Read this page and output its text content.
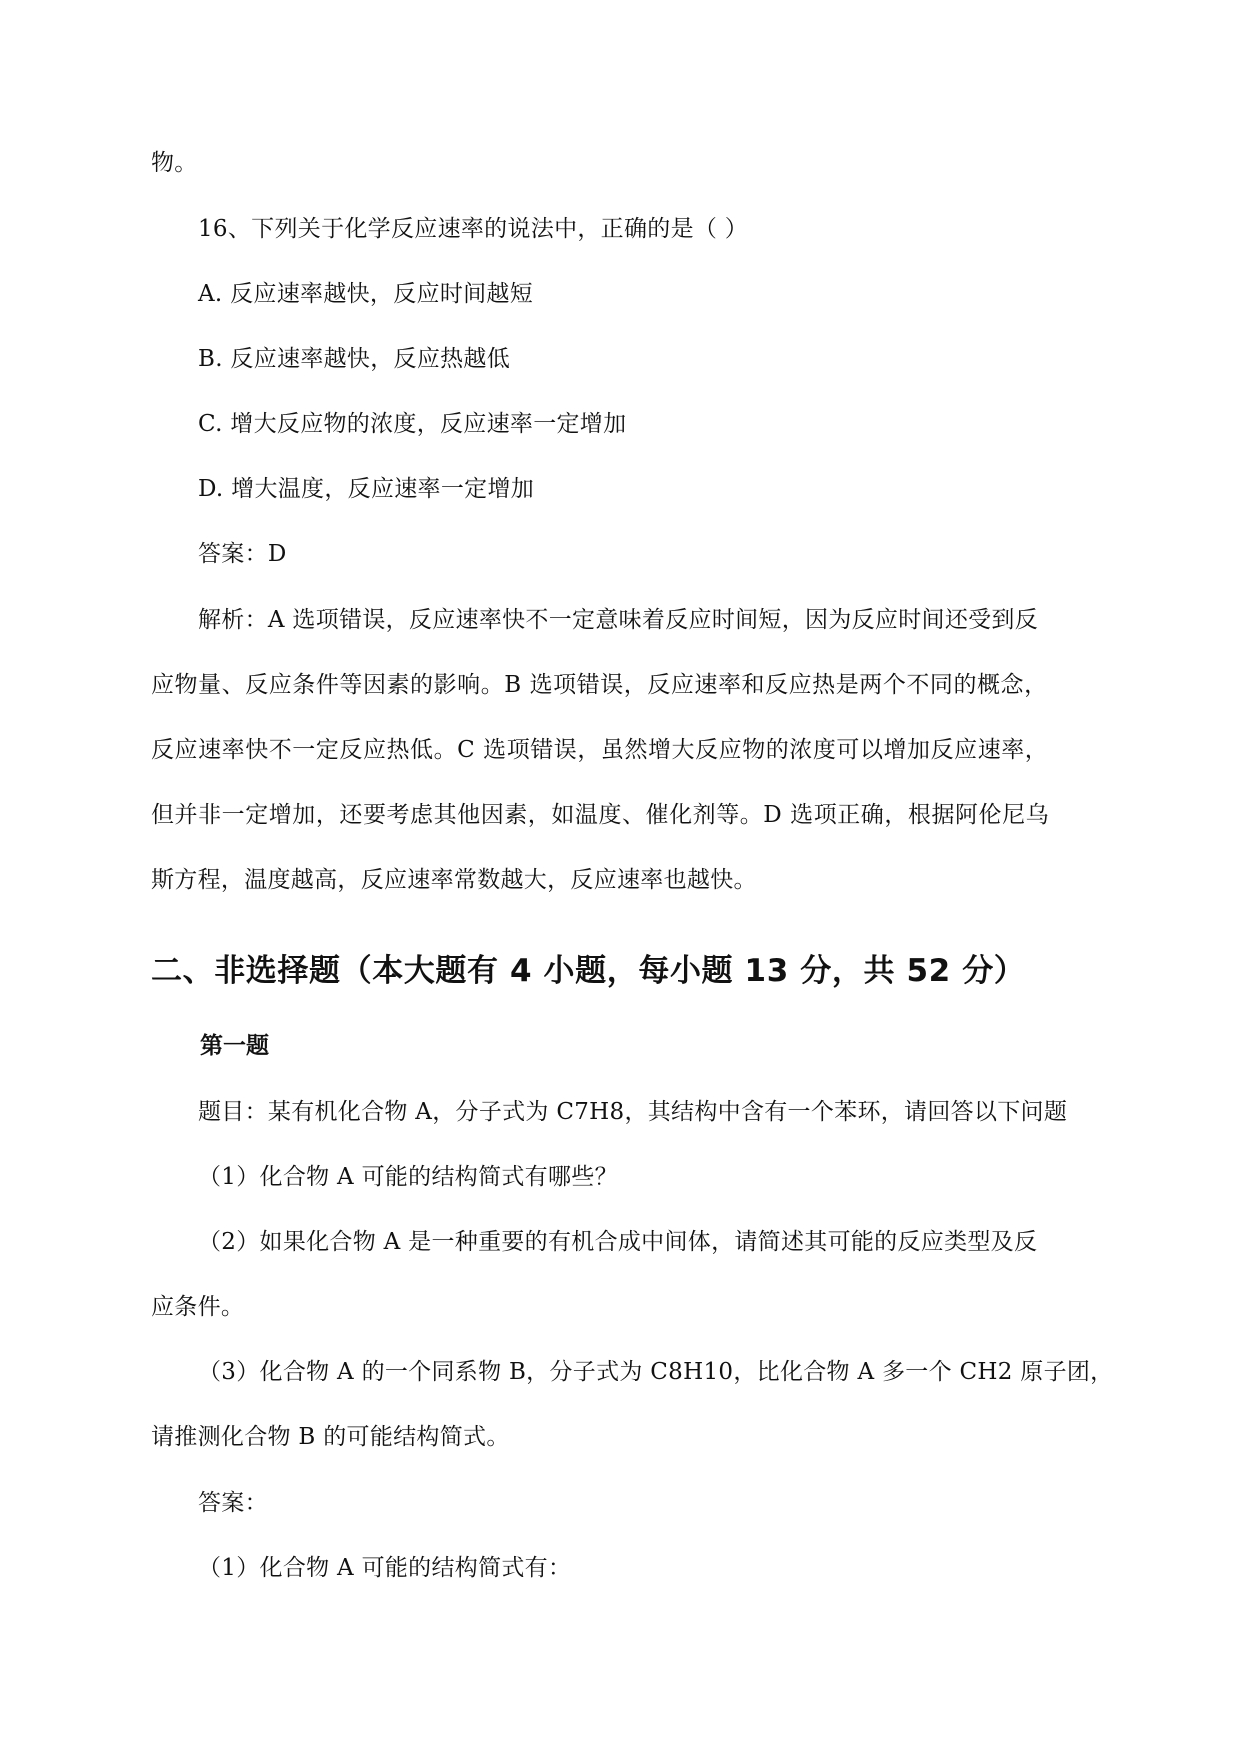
物。
16、下列关于化学反应速率的说法中，正确的是（ ）
A. 反应速率越快，反应时间越短
B. 反应速率越快，反应热越低
C. 增大反应物的浓度，反应速率一定增加
D. 增大温度，反应速率一定增加
答案：D
解析：A 选项错误，反应速率快不一定意味着反应时间短，因为反应时间还受到反
应物量、反应条件等因素的影响。B 选项错误，反应速率和反应热是两个不同的概念，
反应速率快不一定反应热低。C 选项错误，虽然增大反应物的浓度可以增加反应速率，
但并非一定增加，还要考虑其他因素，如温度、催化剂等。D 选项正确，根据阿伦尼乌
斯方程，温度越高，反应速率常数越大，反应速率也越快。
二、非选择题（本大题有 4 小题，每小题 13 分，共 52 分）
第一题
题目：某有机化合物 A，分子式为 C7H8，其结构中含有一个苯环，请回答以下问题
（1）化合物 A 可能的结构简式有哪些？
（2）如果化合物 A 是一种重要的有机合成中间体，请简述其可能的反应类型及反
应条件。
（3）化合物 A 的一个同系物 B，分子式为 C8H10，比化合物 A 多一个 CH2 原子团，
请推测化合物 B 的可能结构简式。
答案：
（1）化合物 A 可能的结构简式有：
